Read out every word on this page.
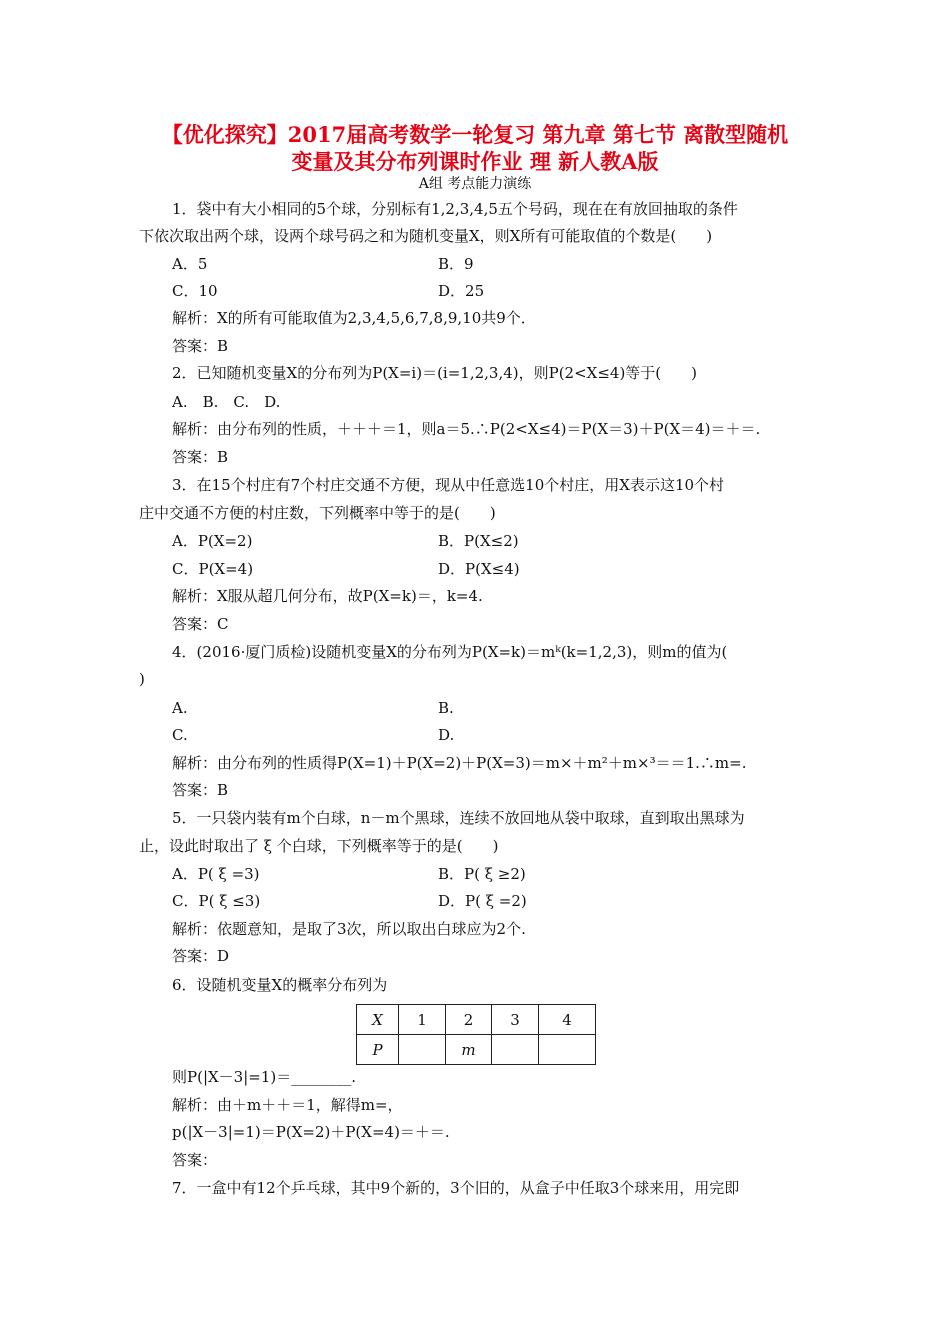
【优化探究】2017届高考数学一轮复习 第九章 第七节 离散型随机
变量及其分布列课时作业 理 新人教A版
A组 考点能力演练
1．袋中有大小相同的5个球，分别标有1,2,3,4,5五个号码，现在在有放回抽取的条件
下依次取出两个球，设两个球号码之和为随机变量X，则X所有可能取值的个数是(　　)
A．5	B．9
C．10	D．25
解析：X的所有可能取值为2,3,4,5,6,7,8,9,10共9个．
答案：B
2．已知随机变量X的分布列为P(X=i)＝(i=1,2,3,4)，则P(2<X≤4)等于(　　)
A.　B.　C.　D.
解析：由分布列的性质，＋＋＋＝1，则a＝5.∴P(2<X≤4)＝P(X＝3)＋P(X＝4)＝＋＝.
答案：B
3．在15个村庄有7个村庄交通不方便，现从中任意选10个村庄，用X表示这10个村
庄中交通不方便的村庄数，下列概率中等于的是(　　)
A．P(X=2)	B．P(X≤2)
C．P(X=4)	D．P(X≤4)
解析：X服从超几何分布，故P(X=k)＝，k=4.
答案：C
4．(2016·厦门质检)设随机变量X的分布列为P(X=k)＝mᵏ(k=1,2,3)，则m的值为(
)
A.	B.
C.	D.
解析：由分布列的性质得P(X=1)＋P(X=2)＋P(X=3)＝m×＋m²＋m×³＝＝1.∴m=.
答案：B
5．一只袋内装有m个白球，n－m个黑球，连续不放回地从袋中取球，直到取出黑球为
止，设此时取出了 ξ 个白球，下列概率等于的是(　　)
A．P( ξ =3)	B．P( ξ ≥2)
C．P( ξ ≤3)	D．P( ξ =2)
解析：依题意知，是取了3次，所以取出白球应为2个.
答案：D
6．设随机变量X的概率分布列为
X	1	2	3	4
P		m		
则P(|X－3|=1)＝________.
解析：由＋m＋＋＝1，解得m=，
p(|X－3|=1)＝P(X=2)＋P(X=4)＝＋＝.
答案：
7．一盒中有12个乒乓球，其中9个新的，3个旧的，从盒子中任取3个球来用，用完即
